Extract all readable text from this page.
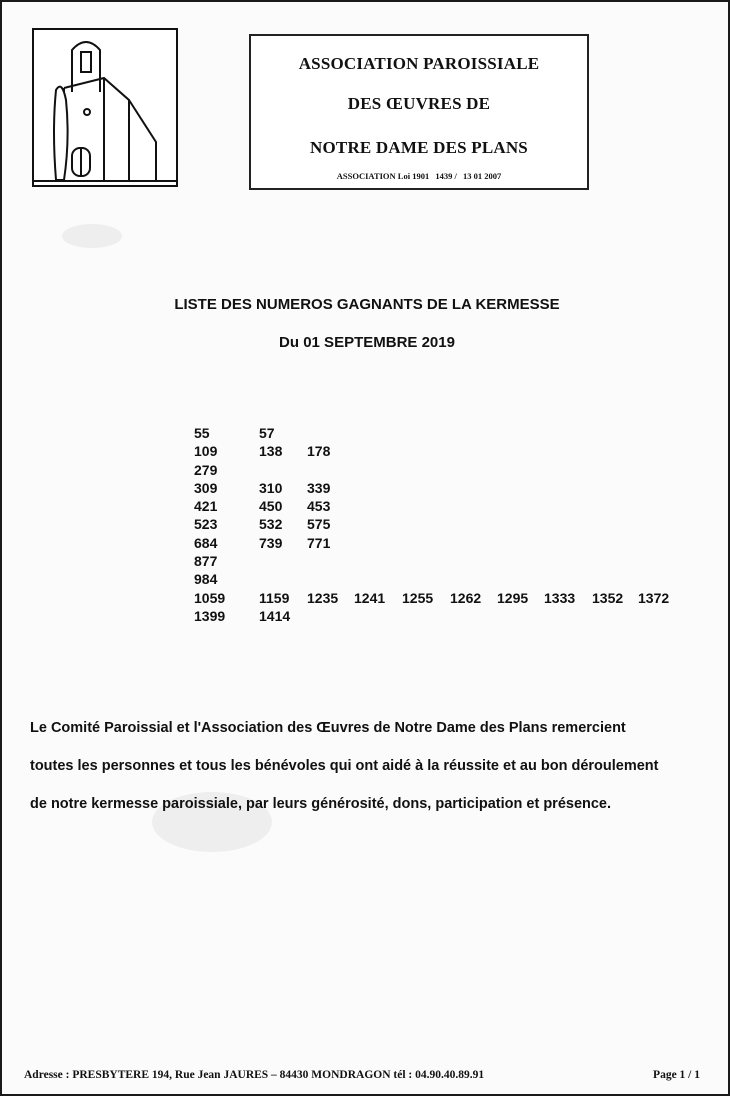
ASSOCIATION PAROISSIALE
DES ŒUVRES DE
NOTRE DAME DES PLANS
ASSOCIATION Loi 1901 1439 / 13 01 2007
LISTE DES NUMEROS GAGNANTS DE LA KERMESSE
Du 01 SEPTEMBRE 2019
55	57
109	138 178
279
309	310 339
421	450 453
523	532 575
684	739 771
877
984
1059 1159 1235 1241 1255 1262 1295 1333 1352 1372
1399 1414
Le Comité Paroissial et l'Association des Œuvres de Notre Dame des Plans remercient
toutes les personnes et tous les bénévoles qui ont aidé à la réussite et au bon déroulement
de notre kermesse paroissiale, par leurs générosité, dons, participation et présence.
Adresse : PRESBYTERE 194, Rue Jean JAURES – 84430 MONDRAGON tél : 04.90.40.89.91	Page 1 / 1
